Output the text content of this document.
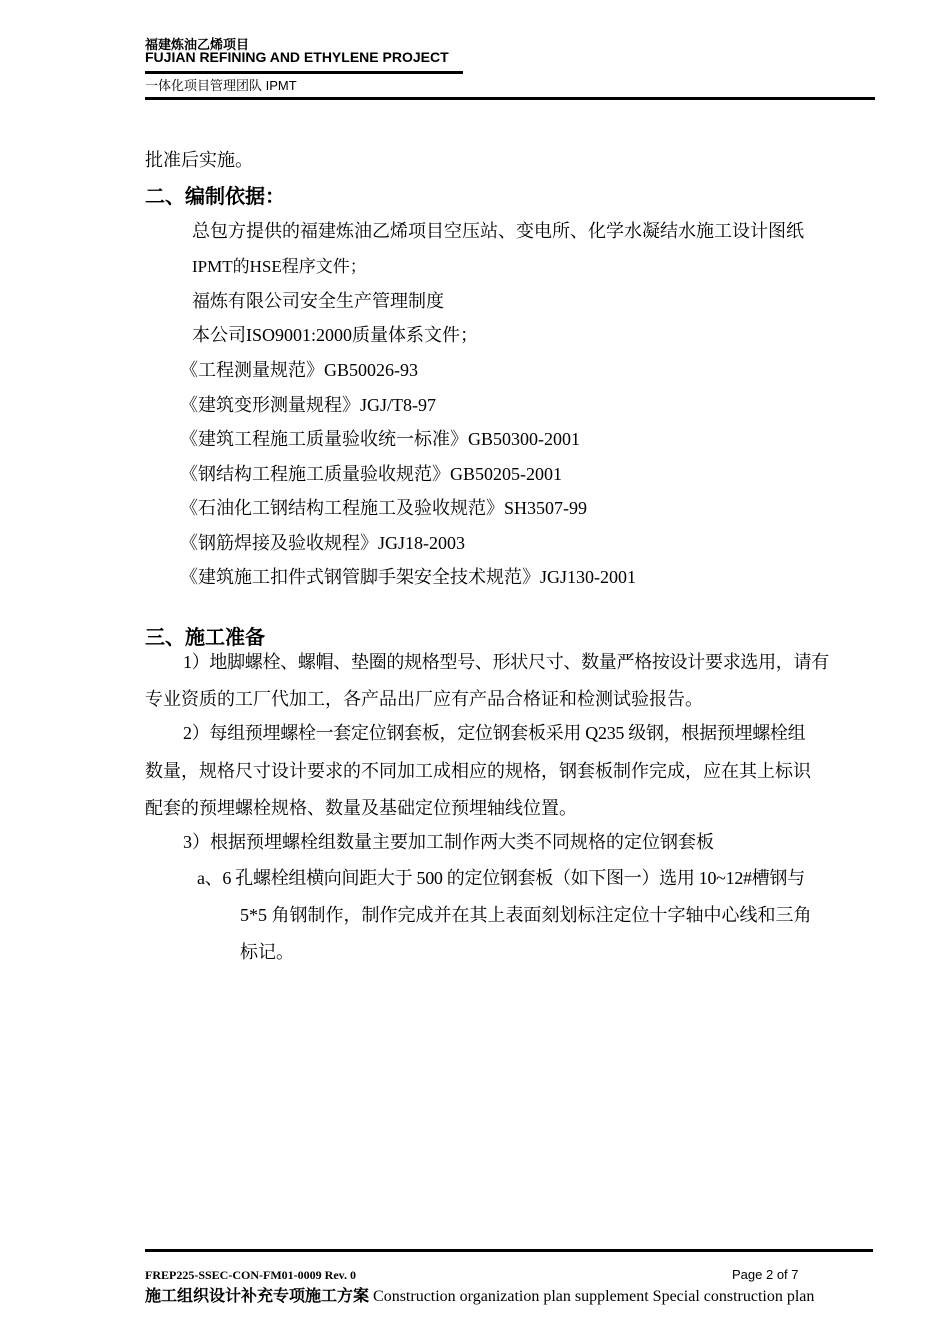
福建炼油乙烯项目
FUJIAN REFINING AND ETHYLENE PROJECT
一体化项目管理团队 IPMT
批准后实施。
二、编制依据：
总包方提供的福建炼油乙烯项目空压站、变电所、化学水凝结水施工设计图纸
IPMT的HSE程序文件；
福炼有限公司安全生产管理制度
本公司ISO9001:2000质量体系文件；
《工程测量规范》GB50026-93
《建筑变形测量规程》JGJ/T8-97
《建筑工程施工质量验收统一标准》GB50300-2001
《钢结构工程施工质量验收规范》GB50205-2001
《石油化工钢结构工程施工及验收规范》SH3507-99
《钢筋焊接及验收规程》JGJ18-2003
《建筑施工扣件式钢管脚手架安全技术规范》JGJ130-2001
三、施工准备
1）地脚螺栓、螺帽、垫圈的规格型号、形状尺寸、数量严格按设计要求选用，请有
专业资质的工厂代加工，各产品出厂应有产品合格证和检测试验报告。
2）每组预埋螺栓一套定位钢套板，定位钢套板采用 Q235 级钢，根据预埋螺栓组
数量，规格尺寸设计要求的不同加工成相应的规格，钢套板制作完成，应在其上标识
配套的预埋螺栓规格、数量及基础定位预埋轴线位置。
3）根据预埋螺栓组数量主要加工制作两大类不同规格的定位钢套板
a、6 孔螺栓组横向间距大于 500 的定位钢套板（如下图一）选用 10~12#槽钢与
5*5 角钢制作，制作完成并在其上表面刻划标注定位十字轴中心线和三角
标记。
FREP225-SSEC-CON-FM01-0009 Rev. 0	Page 2 of 7
施工组织设计补充专项施工方案 Construction organization plan supplement Special construction plan
